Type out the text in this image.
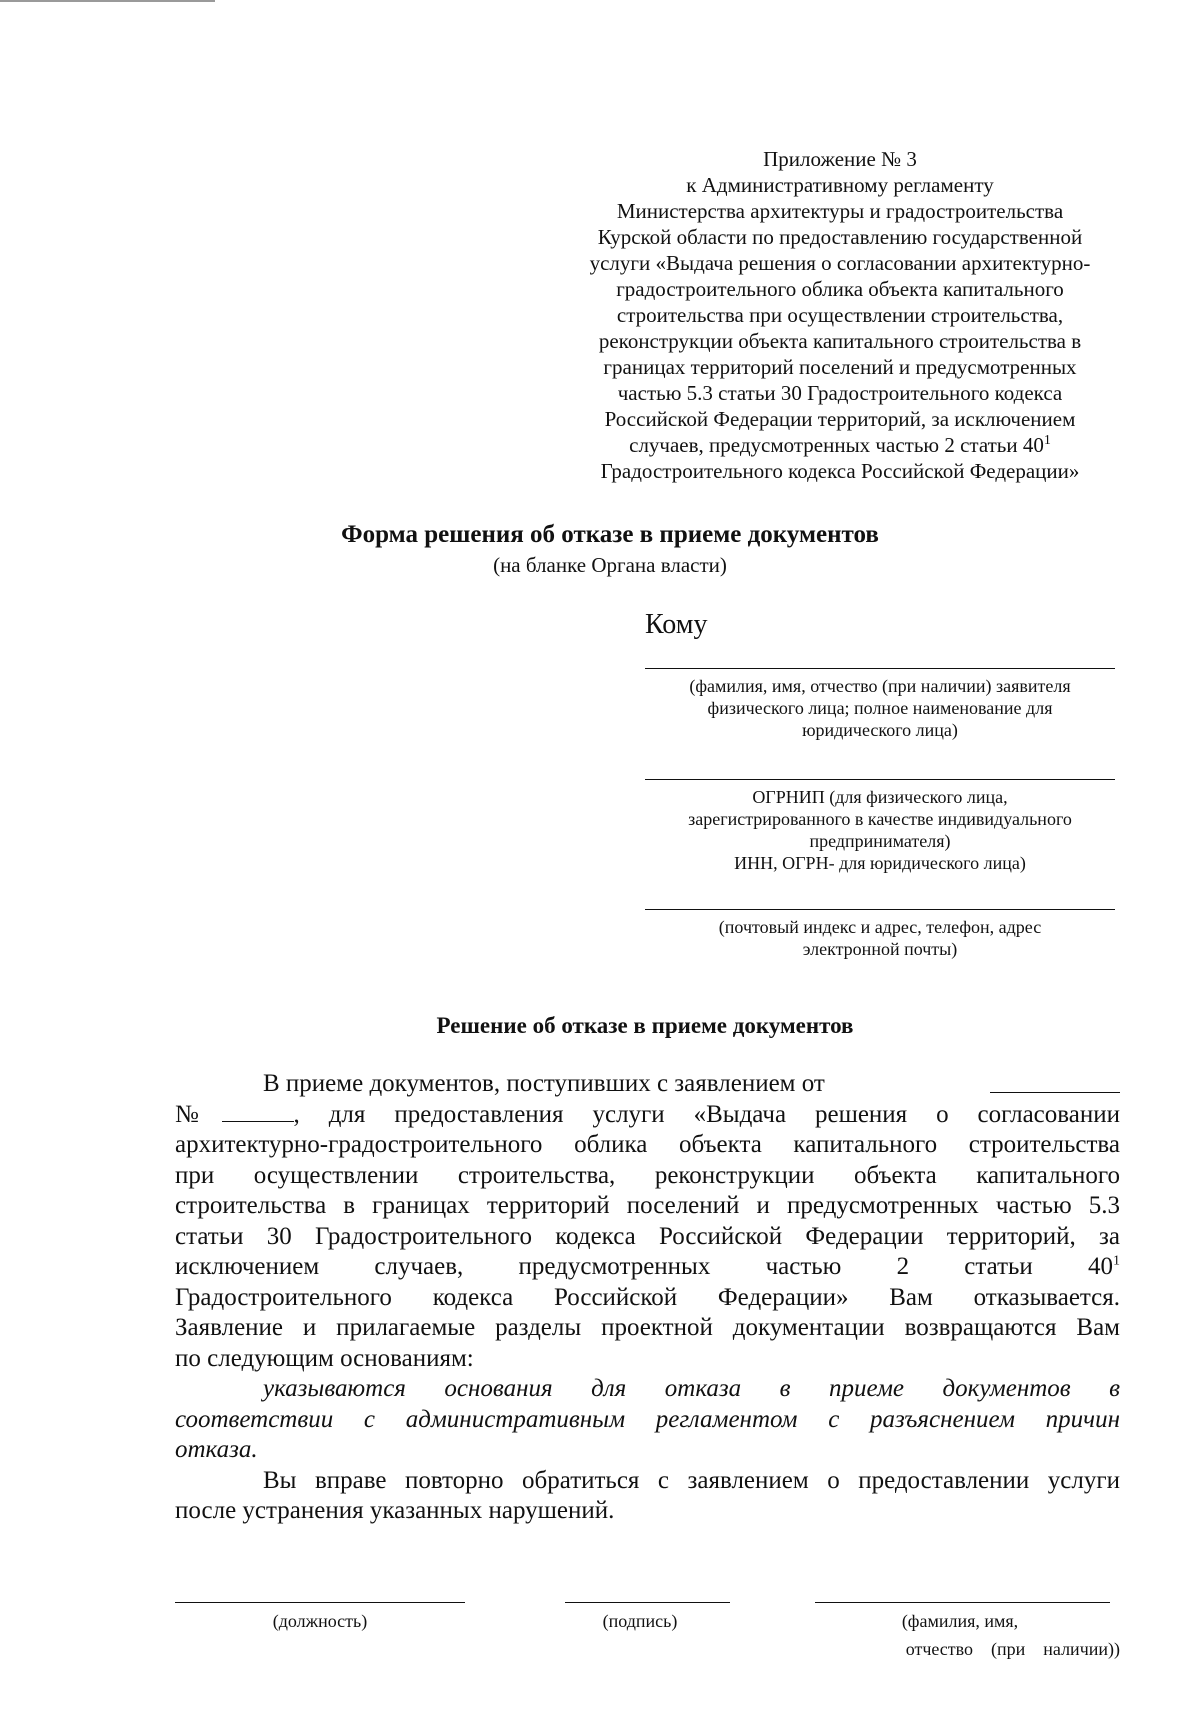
Приложение № 3
к Административному регламенту
Министерства архитектуры и градостроительства
Курской области по предоставлению государственной
услуги «Выдача решения о согласовании архитектурно-
градостроительного облика объекта капитального
строительства при осуществлении строительства,
реконструкции объекта капитального строительства в
границах территорий поселений и предусмотренных
частью 5.3 статьи 30 Градостроительного кодекса
Российской Федерации территорий, за исключением
случаев, предусмотренных частью 2 статьи $40^1$
Градостроительного кодекса Российской Федерации»
Форма решения об отказе в приеме документов
(на бланке Органа власти)
Кому
(фамилия, имя, отчество (при наличии) заявителя
физического лица; полное наименование для
юридического лица)
ОГРНИП (для физического лица,
зарегистрированного в качестве индивидуального
предпринимателя)
ИНН, ОГРН- для юридического лица)
(почтовый индекс и адрес, телефон, адрес
электронной почты)
Решение об отказе в приеме документов
В приеме документов, поступивших с заявлением от
№	, для предоставления услуги «Выдача решения о согласовании
архитектурно-градостроительного облика объекта капитального строительства
при осуществлении строительства, реконструкции объекта капитального
строительства в границах территорий поселений и предусмотренных частью 5.3
статьи 30 Градостроительного кодекса Российской Федерации территорий, за
исключением случаев, предусмотренных частью 2 статьи $40^1$
Градостроительного кодекса Российской Федерации» Вам отказывается.
Заявление и прилагаемые разделы проектной документации возвращаются Вам
по следующим основаниям:
указываются основания для отказа в приеме документов в
соответствии с административным регламентом с разъяснением причин
отказа.
Вы вправе повторно обратиться с заявлением о предоставлении услуги
после устранения указанных нарушений.
(должность)	(подпись)	(фамилия, имя,
отчество    (при    наличии))
